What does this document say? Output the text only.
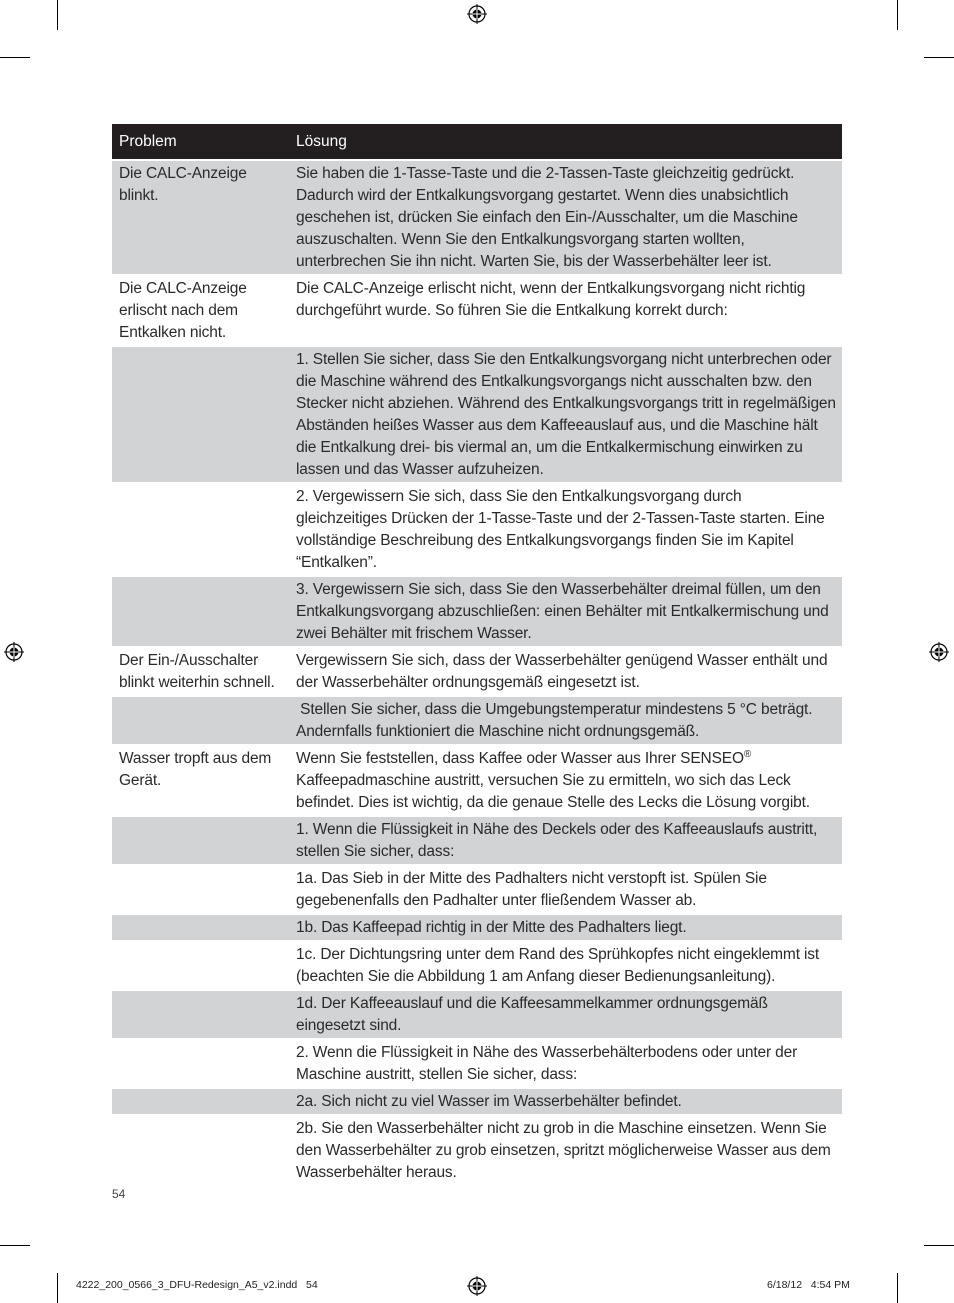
Problem	Lösung
Die CALC-Anzeige blinkt.	Sie haben die 1-Tasse-Taste und die 2-Tassen-Taste gleichzeitig gedrückt. Dadurch wird der Entkalkungsvorgang gestartet. Wenn dies unabsichtlich geschehen ist, drücken Sie einfach den Ein-/Ausschalter, um die Maschine auszuschalten. Wenn Sie den Entkalkungsvorgang starten wollten, unterbrechen Sie ihn nicht. Warten Sie, bis der Wasserbehälter leer ist.
Die CALC-Anzeige erlischt nach dem Entkalken nicht.	Die CALC-Anzeige erlischt nicht, wenn der Entkalkungsvorgang nicht richtig durchgeführt wurde. So führen Sie die Entkalkung korrekt durch:
	1. Stellen Sie sicher, dass Sie den Entkalkungsvorgang nicht unterbrechen oder die Maschine während des Entkalkungsvorgangs nicht ausschalten bzw. den Stecker nicht abziehen. Während des Entkalkungsvorgangs tritt in regelmäßigen Abständen heißes Wasser aus dem Kaffeeauslauf aus, und die Maschine hält die Entkalkung drei- bis viermal an, um die Entkalkermischung einwirken zu lassen und das Wasser aufzuheizen.
	2. Vergewissern Sie sich, dass Sie den Entkalkungsvorgang durch gleichzeitiges Drücken der 1-Tasse-Taste und der 2-Tassen-Taste starten. Eine vollständige Beschreibung des Entkalkungsvorgangs finden Sie im Kapitel “Entkalken”.
	3. Vergewissern Sie sich, dass Sie den Wasserbehälter dreimal füllen, um den Entkalkungsvorgang abzuschließen: einen Behälter mit Entkalkermischung und zwei Behälter mit frischem Wasser.
Der Ein-/Ausschalter blinkt weiterhin schnell.	Vergewissern Sie sich, dass der Wasserbehälter genügend Wasser enthält und der Wasserbehälter ordnungsgemäß eingesetzt ist.
	Stellen Sie sicher, dass die Umgebungstemperatur mindestens 5 °C beträgt. Andernfalls funktioniert die Maschine nicht ordnungsgemäß.
Wasser tropft aus dem Gerät.	Wenn Sie feststellen, dass Kaffee oder Wasser aus Ihrer SENSEO® Kaffeepadmaschine austritt, versuchen Sie zu ermitteln, wo sich das Leck befindet. Dies ist wichtig, da die genaue Stelle des Lecks die Lösung vorgibt.
	1. Wenn die Flüssigkeit in Nähe des Deckels oder des Kaffeeauslaufs austritt, stellen Sie sicher, dass:
	1a. Das Sieb in der Mitte des Padhalters nicht verstopft ist. Spülen Sie gegebenenfalls den Padhalter unter fließendem Wasser ab.
	1b. Das Kaffeepad richtig in der Mitte des Padhalters liegt.
	1c. Der Dichtungsring unter dem Rand des Sprühkopfes nicht eingeklemmt ist (beachten Sie die Abbildung 1 am Anfang dieser Bedienungsanleitung).
	1d. Der Kaffeeauslauf und die Kaffeesammelkammer ordnungsgemäß eingesetzt sind.
	2. Wenn die Flüssigkeit in Nähe des Wasserbehälterbodens oder unter der Maschine austritt, stellen Sie sicher, dass:
	2a. Sich nicht zu viel Wasser im Wasserbehälter befindet.
	2b. Sie den Wasserbehälter nicht zu grob in die Maschine einsetzen. Wenn Sie den Wasserbehälter zu grob einsetzen, spritzt möglicherweise Wasser aus dem Wasserbehälter heraus.
54
4222_200_0566_3_DFU-Redesign_A5_v2.indd   54	6/18/12   4:54 PM
